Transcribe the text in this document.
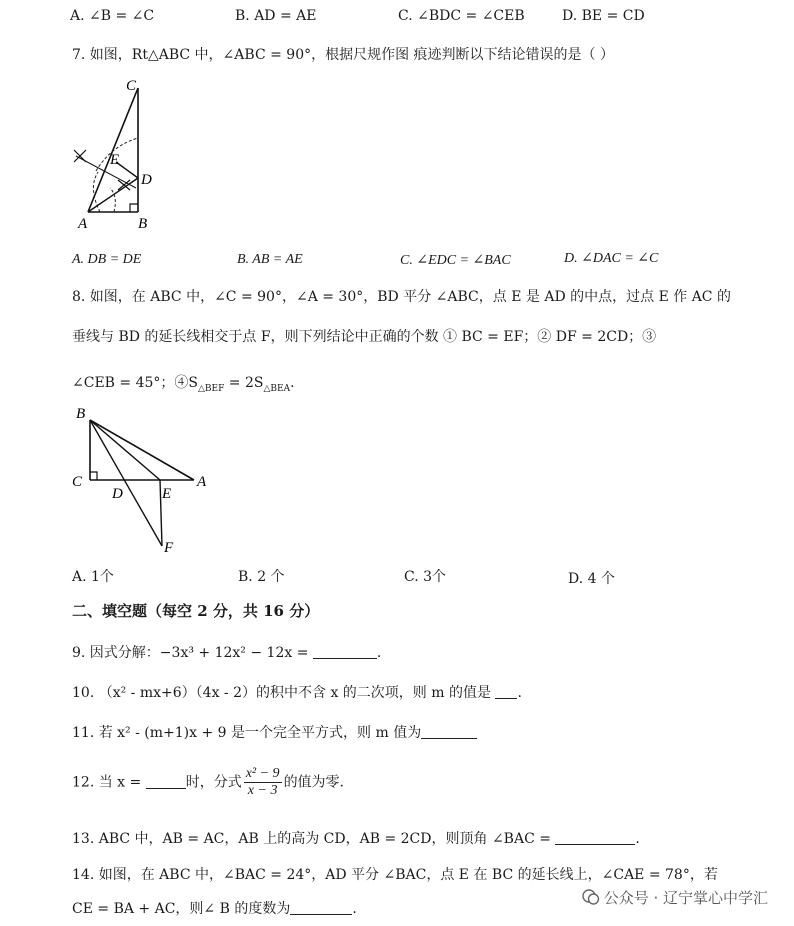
A. ∠B = ∠C	B. AD = AE	C. ∠BDC = ∠CEB	D. BE = CD
7. 如图，Rt△ABC 中，∠ABC = 90°，根据尺规作图 痕迹判断以下结论错误的是（ ）
C
E
D
A	B
A. DB = DE	B. AB = AE	C. ∠EDC = ∠BAC	D. ∠DAC = ∠C
8. 如图，在 ABC 中，∠C = 90°，∠A = 30°，BD 平分 ∠ABC，点 E 是 AD 的中点，过点 E 作 AC 的
垂线与 BD 的延长线相交于点 F，则下列结论中正确的个数 ① BC = EF；② DF = 2CD；③
∠CEB = 45°；$④S_{\triangle BEF} = 2S_{\triangle BEA}$.
B
C
D	E
A
F
A. 1个	B. 2 个	C. 3个	D. 4 个
二、填空题（每空 2 分，共 16 分）
9. 因式分解：−3x³ + 12x² − 12x =	.
10. （x² - mx+6）（4x - 2）的积中不含 x 的二次项，则 m 的值是 .
11. 若 x² - (m+1)x + 9 是一个完全平方式，则 m 值为
12. 当 x =	时，分式 $\frac{\text{x² − 9}}{x - 3}$ 的值为零.
13. ABC 中，AB = AC，AB 上的高为 CD，AB = 2CD，则顶角 ∠BAC =	.
14. 如图，在 ABC 中，∠BAC = 24°，AD 平分 ∠BAC，点 E 在 BC 的延长线上，∠CAE = 78°，若
CE = BA + AC，则∠ B 的度数为	.
公众号 · 辽宁掌心中学汇
